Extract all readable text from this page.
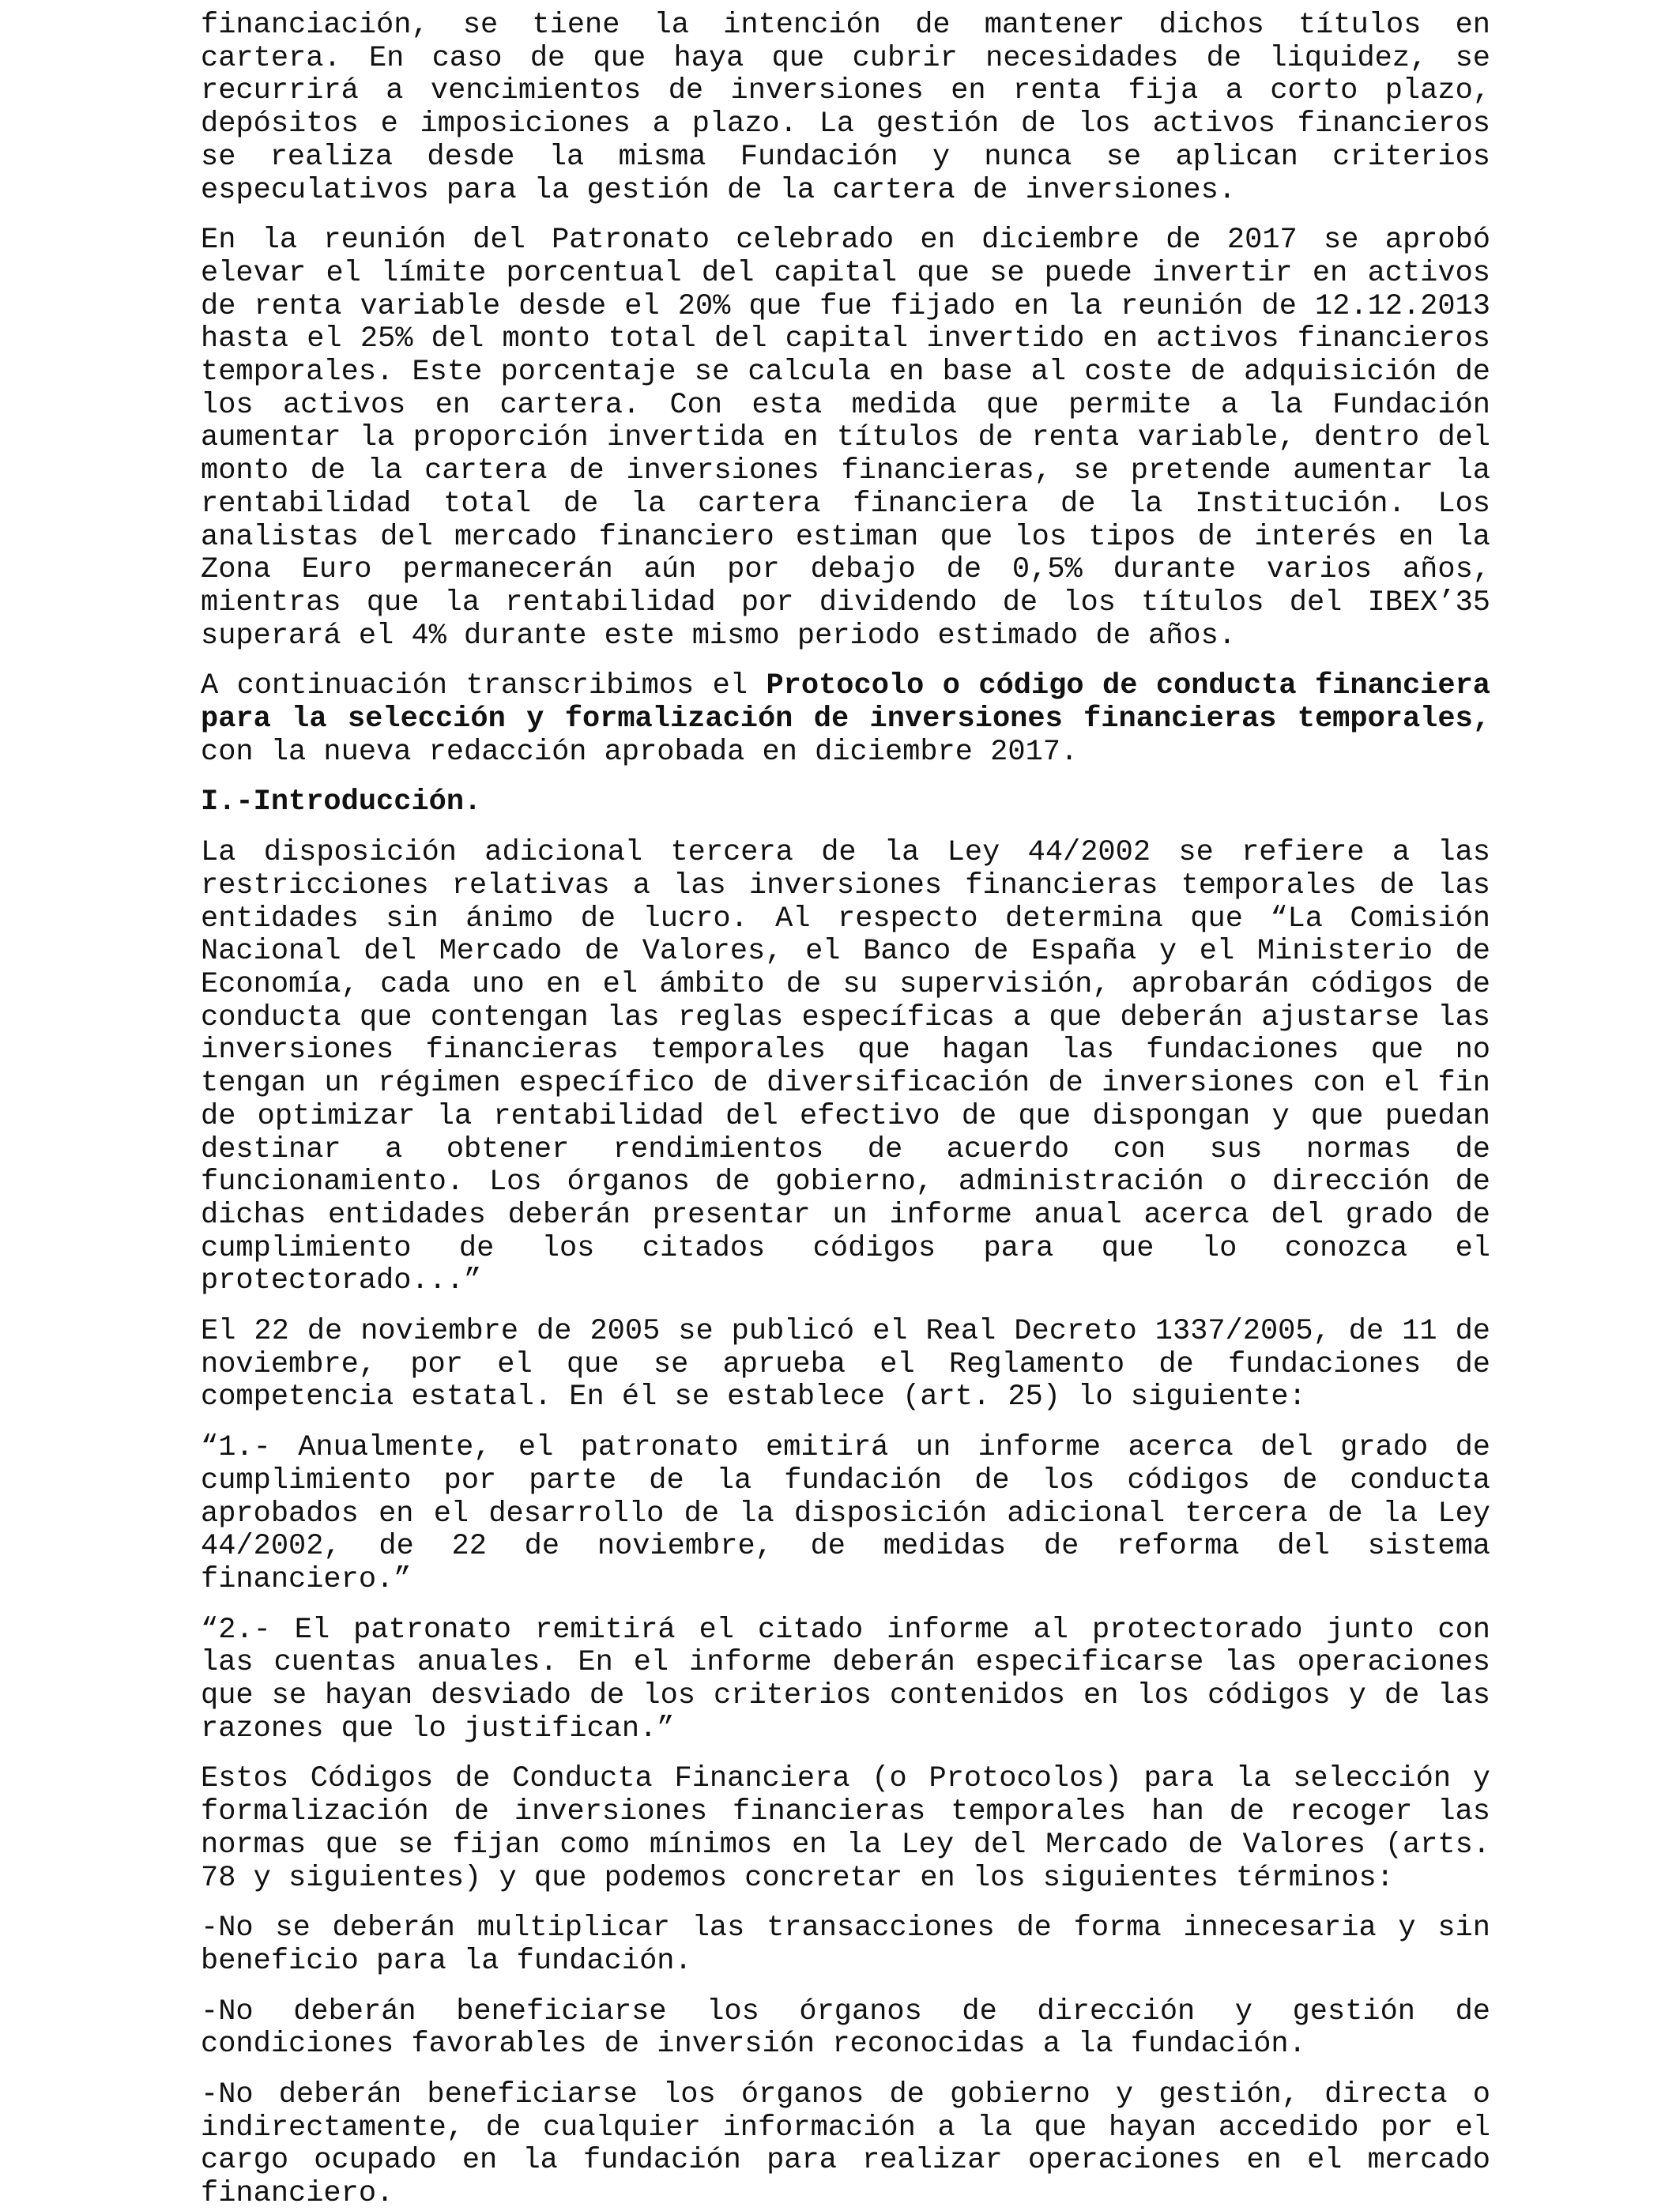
financiación, se tiene la intención de mantener dichos títulos en cartera. En caso de que haya que cubrir necesidades de liquidez, se recurrirá a vencimientos de inversiones en renta fija a corto plazo, depósitos e imposiciones a plazo. La gestión de los activos financieros se realiza desde la misma Fundación y nunca se aplican criterios especulativos para la gestión de la cartera de inversiones.

En la reunión del Patronato celebrado en diciembre de 2017 se aprobó elevar el límite porcentual del capital que se puede invertir en activos de renta variable desde el 20% que fue fijado en la reunión de 12.12.2013 hasta el 25% del monto total del capital invertido en activos financieros temporales. Este porcentaje se calcula en base al coste de adquisición de los activos en cartera. Con esta medida que permite a la Fundación aumentar la proporción invertida en títulos de renta variable, dentro del monto de la cartera de inversiones financieras, se pretende aumentar la rentabilidad total de la cartera financiera de la Institución. Los analistas del mercado financiero estiman que los tipos de interés en la Zona Euro permanecerán aún por debajo de 0,5% durante varios años, mientras que la rentabilidad por dividendo de los títulos del IBEX’35 superará el 4% durante este mismo periodo estimado de años.

A continuación transcribimos el Protocolo o código de conducta financiera para la selección y formalización de inversiones financieras temporales, con la nueva redacción aprobada en diciembre 2017.

I.-Introducción.

La disposición adicional tercera de la Ley 44/2002 se refiere a las restricciones relativas a las inversiones financieras temporales de las entidades sin ánimo de lucro. Al respecto determina que “La Comisión Nacional del Mercado de Valores, el Banco de España y el Ministerio de Economía, cada uno en el ámbito de su supervisión, aprobarán códigos de conducta que contengan las reglas específicas a que deberán ajustarse las inversiones financieras temporales que hagan las fundaciones que no tengan un régimen específico de diversificación de inversiones con el fin de optimizar la rentabilidad del efectivo de que dispongan y que puedan destinar a obtener rendimientos de acuerdo con sus normas de funcionamiento. Los órganos de gobierno, administración o dirección de dichas entidades deberán presentar un informe anual acerca del grado de cumplimiento de los citados códigos para que lo conozca el protectorado...”

El 22 de noviembre de 2005 se publicó el Real Decreto 1337/2005, de 11 de noviembre, por el que se aprueba el Reglamento de fundaciones de competencia estatal. En él se establece (art. 25) lo siguiente:

“1.- Anualmente, el patronato emitirá un informe acerca del grado de cumplimiento por parte de la fundación de los códigos de conducta aprobados en el desarrollo de la disposición adicional tercera de la Ley 44/2002, de 22 de noviembre, de medidas de reforma del sistema financiero.”

“2.- El patronato remitirá el citado informe al protectorado junto con las cuentas anuales. En el informe deberán especificarse las operaciones que se hayan desviado de los criterios contenidos en los códigos y de las razones que lo justifican.”

Estos Códigos de Conducta Financiera (o Protocolos) para la selección y formalización de inversiones financieras temporales han de recoger las normas que se fijan como mínimos en la Ley del Mercado de Valores (arts. 78 y siguientes) y que podemos concretar en los siguientes términos:

-No se deberán multiplicar las transacciones de forma innecesaria y sin beneficio para la fundación.

-No deberán beneficiarse los órganos de dirección y gestión de condiciones favorables de inversión reconocidas a la fundación.

-No deberán beneficiarse los órganos de gobierno y gestión, directa o indirectamente, de cualquier información a la que hayan accedido por el cargo ocupado en la fundación para realizar operaciones en el mercado financiero.
